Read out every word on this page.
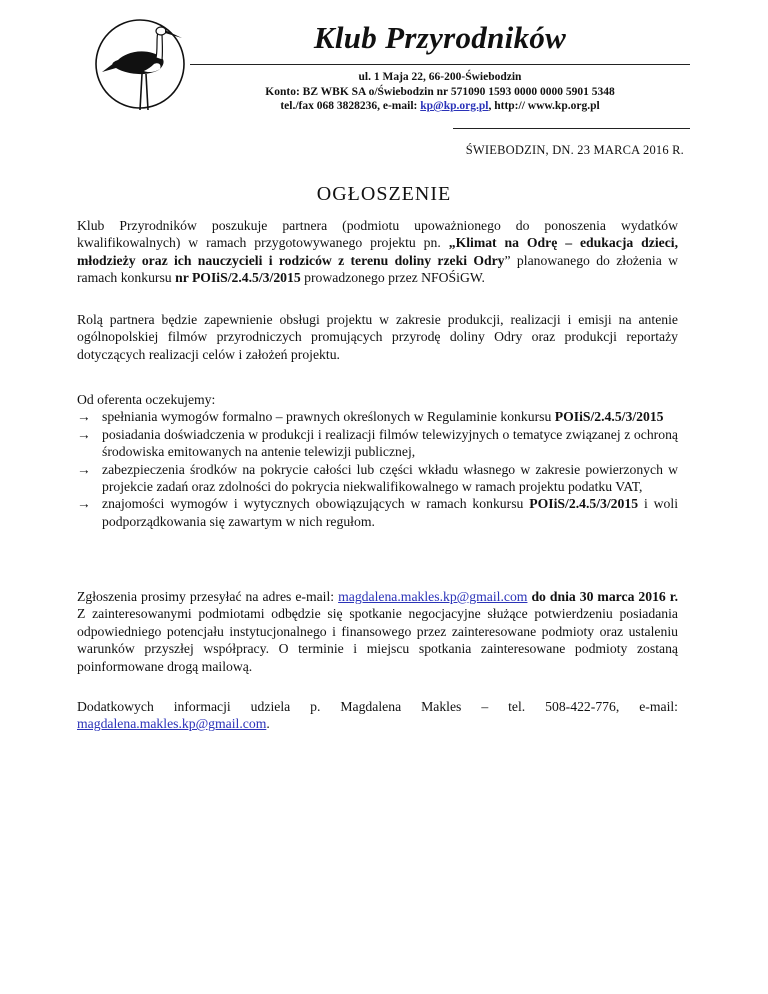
Klub Przyrodników
ul. 1 Maja 22, 66-200-Świebodzin
Konto: BZ WBK SA o/Świebodzin nr 571090 1593 0000 0000 5901 5348
tel./fax 068 3828236, e-mail: kp@kp.org.pl, http:// www.kp.org.pl
ŚWIEBODZIN, DN. 23 MARCA 2016 R.
OGŁOSZENIE

Klub Przyrodników poszukuje partnera (podmiotu upoważnionego do ponoszenia wydatków kwalifikowalnych) w ramach przygotowywanego projektu pn. „Klimat na Odrę – edukacja dzieci, młodzieży oraz ich nauczycieli i rodziców z terenu doliny rzeki Odry” planowanego do złożenia w ramach konkursu nr POIiS/2.4.5/3/2015 prowadzonego przez NFOŚiGW.

Rolą partnera będzie zapewnienie obsługi projektu w zakresie produkcji, realizacji i emisji na antenie ogólnopolskiej filmów przyrodniczych promujących przyrodę doliny Odry oraz produkcji reportaży dotyczących realizacji celów i założeń projektu.

Od oferenta oczekujemy:

→ spełniania wymogów formalno – prawnych określonych w Regulaminie konkursu POIiS/2.4.5/3/2015
→ posiadania doświadczenia w produkcji i realizacji filmów telewizyjnych o tematyce związanej z ochroną środowiska emitowanych na antenie telewizji publicznej,
→ zabezpieczenia środków na pokrycie całości lub części wkładu własnego w zakresie powierzonych w projekcie zadań oraz zdolności do pokrycia niekwalifikowalnego w ramach projektu podatku VAT,
→ znajomości wymogów i wytycznych obowiązujących w ramach konkursu POIiS/2.4.5/3/2015 i woli podporządkowania się zawartym w nich regułom.

Zgłoszenia prosimy przesyłać na adres e-mail: magdalena.makles.kp@gmail.com do dnia 30 marca 2016 r. Z zainteresowanymi podmiotami odbędzie się spotkanie negocjacyjne służące potwierdzeniu posiadania odpowiedniego potencjału instytucjonalnego i finansowego przez zainteresowane podmioty oraz ustaleniu warunków przyszłej współpracy. O terminie i miejscu spotkania zainteresowane podmioty zostaną poinformowane drogą mailową.

Dodatkowych informacji udziela p. Magdalena Makles – tel. 508-422-776, e-mail: magdalena.makles.kp@gmail.com.
